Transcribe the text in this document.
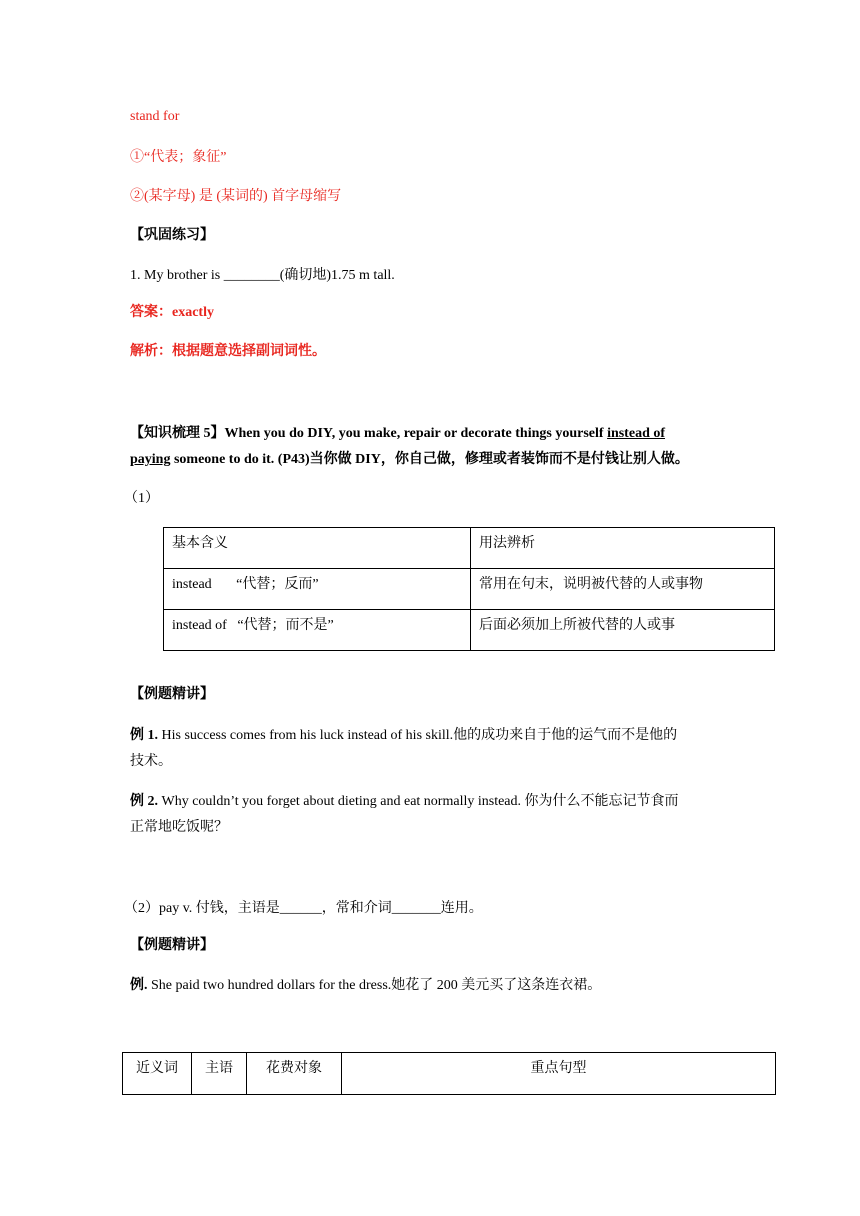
stand for
①“代表；象征”
②(某字母) 是 (某词的) 首字母缩写
【巩固练习】
1. My brother is ________(确切地)1.75 m tall.
答案：exactly
解析：根据题意选择副词词性。
【知识梳理 5】When you do DIY, you make, repair or decorate things yourself instead of
paying someone to do it. (P43)当你做 DIY，你自己做，修理或者装饰而不是付钱让别人做。
（1）
基本含义	用法辨析
instead       “代替；反而”	常用在句末，说明被代替的人或事物
instead of   “代替；而不是”	后面必须加上所被代替的人或事
【例题精讲】
例 1. His success comes from his luck instead of his skill.他的成功来自于他的运气而不是他的
技术。
例 2. Why couldn’t you forget about dieting and eat normally instead. 你为什么不能忘记节食而
正常地吃饭呢？
（2）pay v. 付钱，主语是______，常和介词_______连用。
【例题精讲】
例. She paid two hundred dollars for the dress.她花了 200 美元买了这条连衣裙。
近义词	主语	花费对象	重点句型
